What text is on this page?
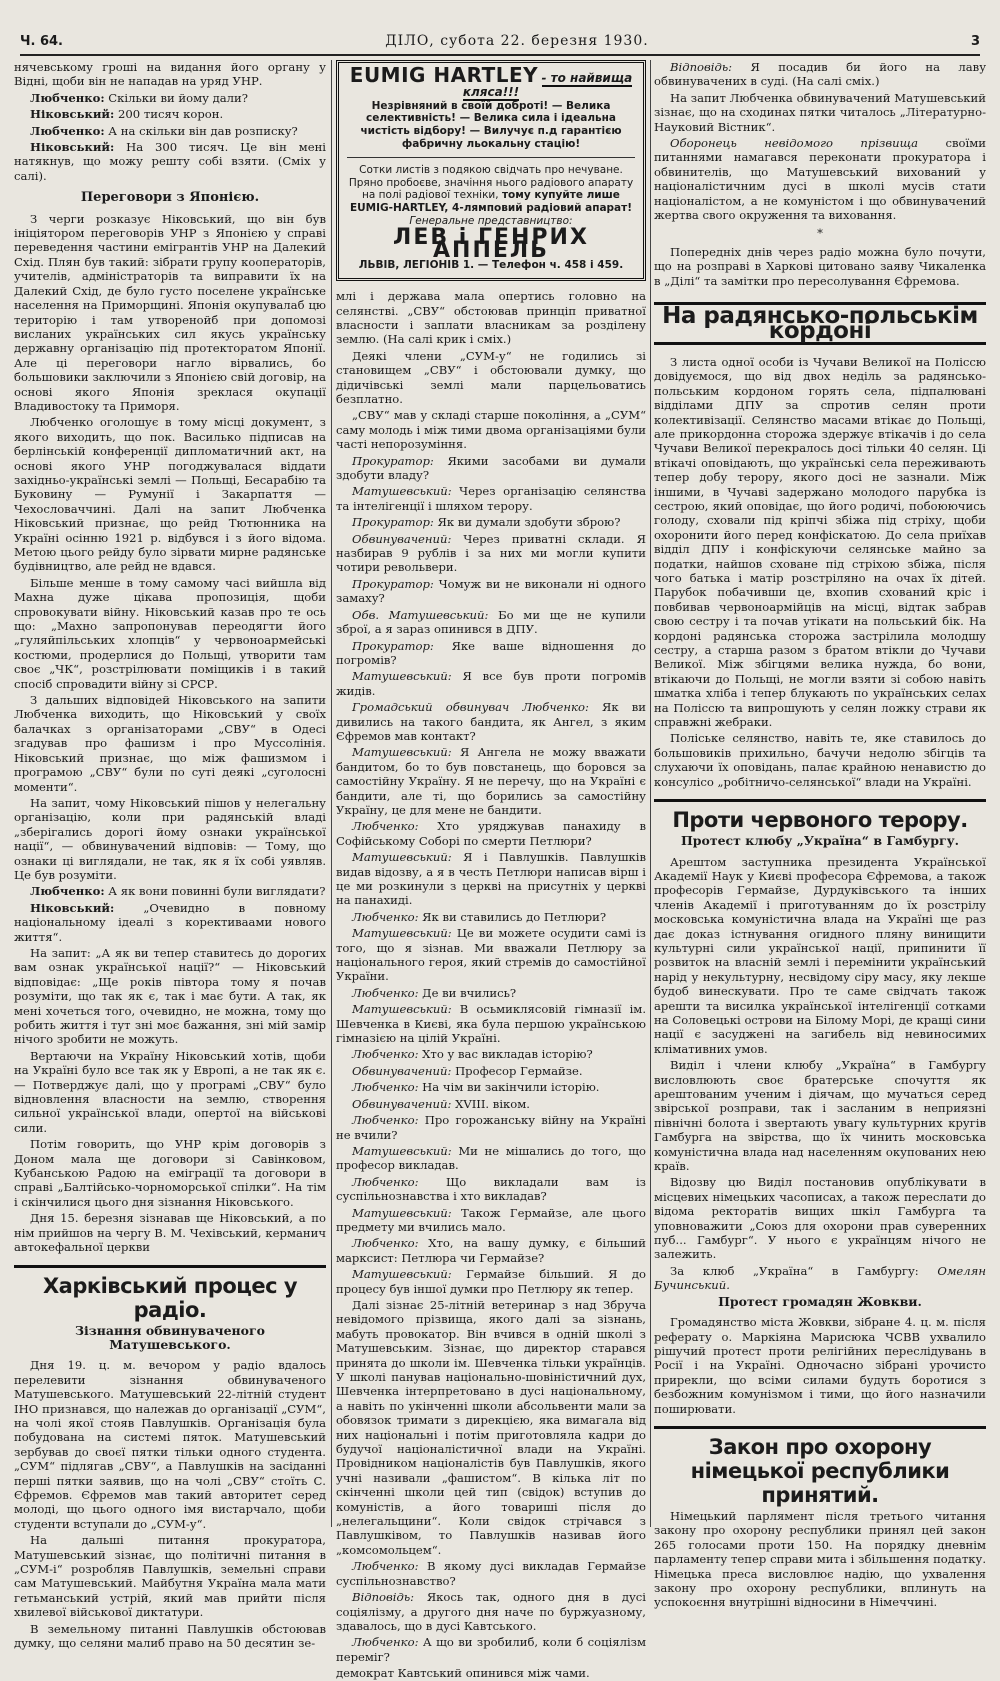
Ч. 64.	ДІЛО, субота 22. березня 1930.	3

нячевському гроші на видання його органу у Відні, щоби він не нападав на уряд УНР.

Любченко: Скільки ви йому дали?

Ніковський: 200 тисяч корон.

Любченко: А на скільки він дав розписку?

Ніковський: На 300 тисяч. Це він мені натякнув, що можу решту собі взяти. (Сміх у салі).

Переговори з Японією.

З черги розказує Ніковський, що він був ініціятором переговорів УНР з Японією у справі переведення частини емігрантів УНР на Далекий Схід. Плян був такий: зібрати групу кооператорів, учителів, адміністраторів та виправити їх на Далекий Схід, де було густо поселене українське населення на Приморщині. Японія окупувалаб цю територію і там утворенойб при допомозі висланих українських сил якусь українську державну організацію під протекторатом Японії. Але ці переговори нагло вірвались, бо большовики заключили з Японією свій договір, на основі якого Японія зреклася окупації Владивостоку та Приморя.

Любченко оголошує в тому місці документ, з якого виходить, що пок. Василько підписав на берлінській конференції дипломатичний акт, на основі якого УНР погоджувалася віддати західньо-українські землі — Польщі, Бесарабію та Буковину — Румунії і Закарпаття — Чехословаччині. Далі на запит Любченка Ніковський признає, що рейд Тютюнника на Україні осінню 1921 р. відбувся і з його відома. Метою цього рейду було зірвати мирне радянське будівництво, але рейд не вдався.

Більше менше в тому самому часі вийшла від Махна дуже цікава пропозиція, щоби спровокувати війну. Ніковський казав про те ось що: „Махно запропонував переодягти його „гуляйпільських хлопців“ у червоноармейські костюми, продерлися до Польщі, утворити там своє „ЧК“, розстрілювати поміщиків і в такий спосіб спровадити війну зі СРСР.

З дальших відповідей Ніковського на запити Любченка виходить, що Ніковський у своїх балачках з організаторами „СВУ“ в Одесі згадував про фашизм і про Муссолінія. Ніковський признає, що між фашизмом і програмою „СВУ“ були по суті деякі „суголосні моменти“.

На запит, чому Ніковський пішов у нелегальну організацію, коли при радянській владі „зберігались дорогі йому ознаки української нації“, — обвинувачений відповів: — Тому, що ознаки ці виглядали, не так, як я їх собі уявляв. Це був розуміти.

Любченко: А як вони повинні були виглядати?

Ніковський:	„Очевидно в повному національному ідеалі з корективаами нового життя“.

На запит: „А як ви тепер ставитесь до дорогих вам ознак української нації?“ — Ніковський відповідає: „Ще років півтора тому я почав розуміти, що так як є, так і має бути. А так, як мені хочеться того, очевидно, не можна, тому що робить життя і тут зні моє бажання, зні мій замір нічого зробити не можуть.

Вертаючи на Україну Ніковський хотів, щоби на Україні було все так як у Европі, а не так як є. — Потверджує далі, що у програмі „СВУ“ було відновлення власности на землю, створення сильної української влади, опертої на військові сили.

Потім говорить, що УНР крім договорів з Доном мала ще договори зі Савінковом, Кубанською Радою на еміграції та договори в справі „Балтійсько-чорноморської спілки“. На тім і скінчилися цього дня зізнання Ніковського.

Дня 15. березня зізнавав ще Ніковський, а по нім прийшов на чергу В. М. Чехівський, керманич автокефальної церкви

Харківський процес у радіо.
Зізнання обвинуваченого Матушевського.

Дня 19. ц. м. вечором у радіо вдалось перелевити зізнання обвинуваченого Матушевського. Матушевський 22-літній студент ІНО признався, що належав до організації „СУМ“, на чолі якої стояв Павлушків. Організація була побудована на системі пяток. Матушевський зербував до своєї пятки тільки одного студента. „СУМ“ підлягав „СВУ“, а Павлушків на засіданні перші пятки заявив, що на чолі „СВУ“ стоїть С. Єфремов. Єфремов мав такий авторитет серед молоді, що цього одного імя вистарчало, щоби студенти вступали до „СУМ-у“.

На дальші питання прокуратора, Матушевський зізнає, що політичні питання в „СУМ-і“ розробляв Павлушків, земельні справи сам Матушевський. Майбутня Україна мала мати гетьманський устрій, який мав прийти після хвилевої військової диктатури.

В земельному питанні Павлушків обстоював думку, що селяни малиб право на 50 десятин зе-

EUMIG HARTLEY - то найвища кляса!!!
Незрівняний в своїй доброті! — Велика селективність! — Велика сила і ідеальна чистість відбору! — Вилучує п.д гарантією фабричну льокальну стацію!
Сотки листів з подякою свідчать про нечуване. Пряно пробоєве, значіння нього радіового апарату на полі радіової техніки, тому купуйте лише EUMIG-HARTLEY, 4-лямповий радіовий апарат!
Генеральне представництво:
ЛЕВ і ГЕНРИХ АППЕЛЬ
ЛЬВІВ, ЛЕГІОНІВ 1. — Телефон ч. 458 і 459.

млі і держава мала опертись головно на селянстві. „СВУ“ обстоював принціп приватної власности і заплати власникам за розділену землю. (На салі крик і сміх.)

Деякі члени „СУМ-у“ не годились зі становищем „СВУ“ і обстоювали думку, що дідичівські землі мали парцельоватись безплатно.

„СВУ“ мав у складі старше покоління, а „СУМ“ саму молодь і між тими двома організаціями були часті непорозуміння.

Прокуратор: Якими засобами ви думали здобути владу?

Матушевський: Через організацію селянства та інтелігенції і шляхом терору.

Прокуратор: Як ви думали здобути зброю?

Обвинувачений: Через приватні склади. Я назбирав 9 рублів і за них ми могли купити чотири револьвери.

Прокуратор: Чомуж ви не виконали ні одного замаху?

Обв. Матушевський: Бо ми ще не купили зброї, а я зараз опинився в ДПУ.

Прокуратор: Яке ваше відношення до погромів?

Матушевський: Я все був проти погромів жидів.

Громадський обвинувач Любченко: Як ви дивились на такого бандита, як Ангел, з яким Єфремов мав контакт?

Матушевський: Я Ангела не можу вважати бандитом, бо то був повстанець, що боровся за самостійну Україну. Я не перечу, що на Україні є бандити, але ті, що борились за самостійну Україну, це для мене не бандити.

Любченко: Хто уряджував панахиду в Софійському Соборі по смерти Петлюри?

Матушевський: Я і Павлушків. Павлушків видав відозву, а я в честь Петлюри написав вірш і це ми розкинули з церкві на присутніх у церкві на панахиді.

Любченко: Як ви ставились до Петлюри?

Матушевський: Це ви можете осудити самі із того, що я зізнав. Ми вважали Петлюру за національного героя, який стремів до самостійної України.

Любченко: Де ви вчились?

Матушевський: В осьмиклясовій гімназії ім. Шевченка в Києві, яка була першою українською гімназією на цілій Україні.

Любченко: Хто у вас викладав історію?

Обвинувачений: Професор Гермайзе.

Любченко: На чім ви закінчили історію.

Обвинувачений: XVIII. віком.

Любченко: Про горожанську війну на Україні не вчили?

Матушевський: Ми не мішались до того, що професор викладав.

Любченко: Що викладали вам із суспільнознавства і хто викладав?

Матушевський: Також Гермайзе, але цього предмету ми вчились мало.

Любченко: Хто, на вашу думку, є більший марксист: Петлюра чи Гермайзе?

Матушевський: Гермайзе більший. Я до процесу був іншої думки про Петлюру як тепер.

Далі зізнає 25-літній ветеринар з над Збруча невідомого прізвища, якого далі за зізнань, мабуть провокатор. Він вчився в одній школі з Матушевським. Зізнає, що директор старався принята до школи ім. Шевченка тільки українців. У школі панував національно-шовіністичний дух, Шевченка інтерпретовано в дусі національному, а навіть по укінченні школи абсольвенти мали за обовязок тримати з дирекцією, яка вимагала від них національні і потім приготовляла кадри до будучої націоналістичної влади на Україні. Провідником націоналістів був Павлушків, якого учні називали „фашистом“. В кілька літ по скінченні школи цей тип (свідок) вступив до комуністів, а його товариші після до „нелегальщини“. Коли свідок стрічався з Павлушківом, то Павлушків називав його „комсомольцем“.

Любченко: В якому дусі викладав Гермайзе суспільнознавство?

Відповідь: Якось так, одного дня в дусі соціялізму, а другого дня наче по буржуазному, здавалось, що в дусі Кавтського.

Любченко: А що ви зробилиб, коли б соціялізм переміг?

демократ Кавтський опинився між чами.

Відповідь: Я посадив би його на лаву обвинувачених в суді. (На салі сміх.)

На запит Любченка обвинувачений Матушевський зізнає, що на сходинах пятки читалось „Літературно-Науковий Вістник“.

Оборонець невідомого прізвища своїми питаннями намагався переконати прокуратора і обвинителів, що Матушевський вихований у націоналістичним дусі в школі мусів стати націоналістом, а не комуністом і що обвинувачений жертва свого окруження та виховання.

*

Попередніх днів через радіо можна було почути, що на розправі в Харкові цитовано заяву Чикаленка в „Ділі“ та замітки про пересолування Єфремова.

На радянсько-польськім кордоні

З листа одної особи із Чучави Великої на Поліссю довідуємося, що від двох неділь за радянсько-польським кордоном горять села, підпалювані відділами ДПУ за спротив селян проти колективізації. Селянство масами втікає до Польщі, але прикордонна сторожа здержує втікачів і до села Чучави Великої перекралось досі тільки 40 селян. Ці втікачі оповідають, що українські села переживають тепер добу терору, якого досі не зазнали. Між іншими, в Чучаві задержано молодого парубка із сестрою, який оповідає, що його родичі, побоюючись голоду, сховали під кріпчі збіжа під стріху, щоби охоронити його перед конфіскатою. До села приїхав відділ ДПУ і конфіскуючи селянське майно за податки, найшов сховане під стріхою збіжа, після чого батька і матір розстріляно на очах їх дітей. Парубок побачивши це, вхопив схований кріс і повбивав червоноармійців на місці, відтак забрав свою сестру і та почав утікати на польський бік. На кордоні радянська сторожа застрілила молодшу сестру, а старша разом з братом втікли до Чучави Великої. Між збігцями велика нужда, бо вони, втікаючи до Польщі, не могли взяти зі собою навіть шматка хліба і тепер блукають по українських селах на Поліссю та випрошують у селян ложку страви як справжні жебраки.

Поліське селянство, навіть те, яке ставилось до большовиків прихильно, бачучи недолю збігців та слухаючи їх оповідань, палає крайною ненавистю до консулісо „робітничо-селянської“ влади на Україні.

Проти червоного терору.
Протест клюбу „Україна“ в Гамбургу.

Арештом заступника президента Української Академії Наук у Києві професора Єфремова, а також професорів Гермайзе, Дурдуківського та інших членів Академії і приготуванням до їх розстрілу московська комуністична влада на Україні ще раз дає доказ істнування огидного пляну винищити культурні сили української нації, припинити її розвиток на власній землі і перемінити український нарід у некультурну, несвідому сіру масу, яку лекше будоб винескувати. Про те саме свідчать також арешти та висилка української інтелігенції сотками на Соловецькі острови на Білому Морі, де кращі сини нації є засуджені на загибель від невиносимих клімативних умов.

Виділ і члени клюбу „Україна“ в Гамбургу висловлюють своє братерське спочуття як арештованим ученим і діячам, що мучаться серед звірської розправи, так і засланим в неприязні північні болота і звертають увагу культурних кругів Гамбурга на звірства, що їх чинить московська комуністична влада над населенням окупованих нею країв.

Відозву цю Виділ постановив опублікувати в місцевих німецьких часописах, а також переслати до відома ректоратів вищих шкіл Гамбурга та уповноважити „Союз для охорони прав суверенних пуб... Гамбург“. У нього є українцям нічого не залежить.

За клюб „Україна“ в Гамбургу: Омелян Бучинський.

Протест громадян Жовкви.

Громадянство міста Жовкви, зібране 4. ц. м. після реферату о. Маркіяна Марисюка ЧСВВ ухвалило рішучий протест проти релігійних переслідувань в Росії і на Україні. Одночасно зібрані урочисто прирекли, що всіми силами будуть боротися з безбожним комунізмом і тими, що його назначили поширювати.

Закон про охорону німецької республики принятий.

Німецький парлямент після третього читання закону про охорону республики принял цей закон 265 голосами проти 150. На порядку дневнім парламенту тепер справи мита і збільшення податку. Німецька преса висловлює надію, що ухвалення закону про охорону республики, вплинуть на успокоєння внутрішні відносини в Німеччині.
